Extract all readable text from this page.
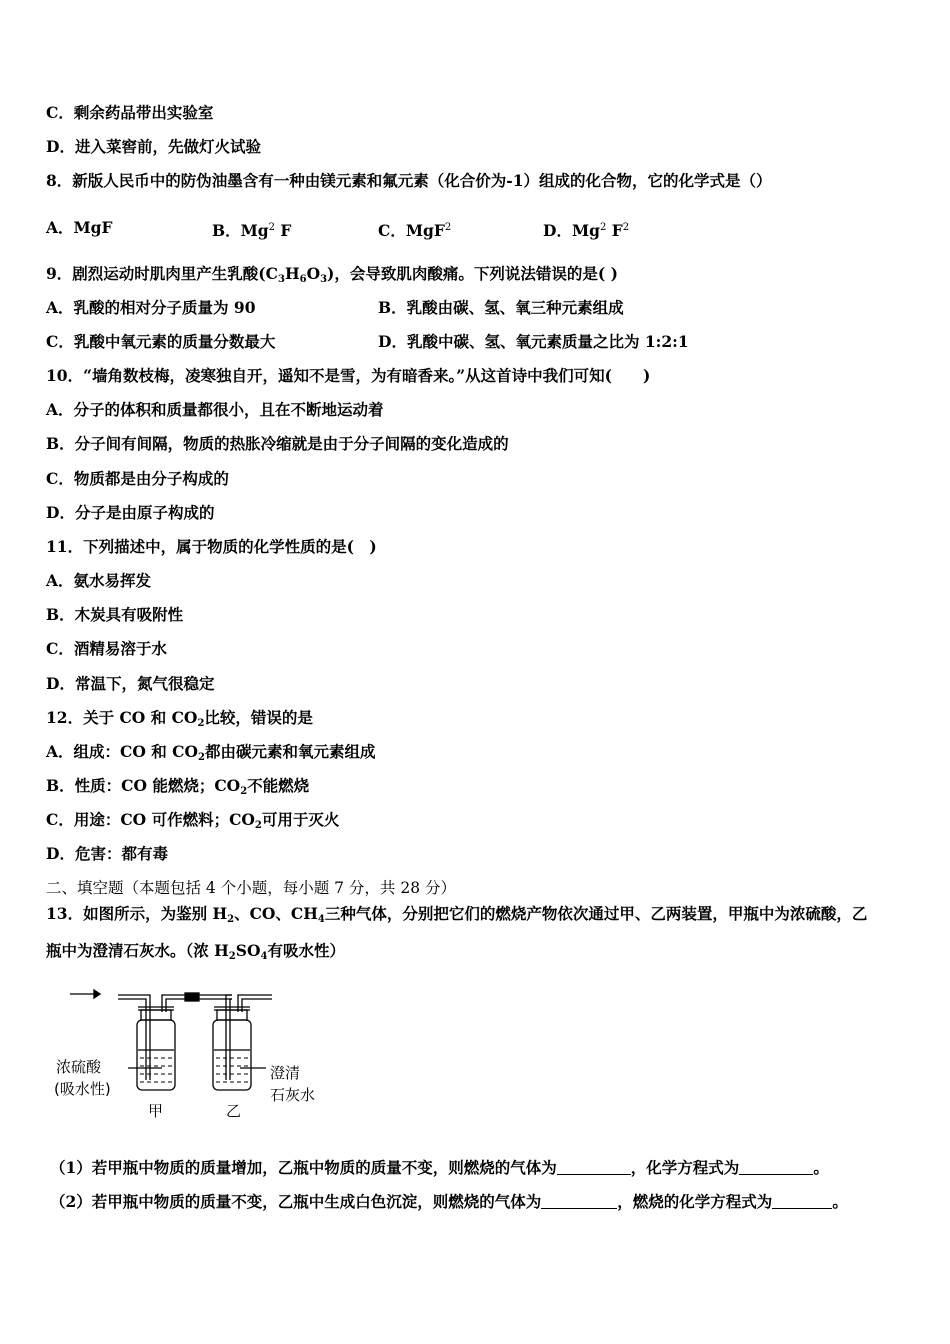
C．剩余药品带出实验室
D．进入菜窖前，先做灯火试验
8．新版人民币中的防伪油墨含有一种由镁元素和氟元素（化合价为-1）组成的化合物，它的化学式是（）
A．MgF	B．Mg$^2$ F	C．MgF$^2$	D．Mg$^2$ $F^2$
9．剧烈运动时肌肉里产生乳酸$(C_3H_6O_3)$，会导致肌肉酸痛。下列说法错误的是( )
A．乳酸的相对分子质量为 90	B．乳酸由碳、氢、氧三种元素组成
C．乳酸中氧元素的质量分数最大	D．乳酸中碳、氢、氧元素质量之比为 1:2:1
10．“墙角数枝梅，凌寒独自开，遥知不是雪，为有暗香来。”从这首诗中我们可知(　　)
A．分子的体积和质量都很小，且在不断地运动着
B．分子间有间隔，物质的热胀冷缩就是由于分子间隔的变化造成的
C．物质都是由分子构成的
D．分子是由原子构成的
11．下列描述中，属于物质的化学性质的是(　)
A．氨水易挥发
B．木炭具有吸附性
C．酒精易溶于水
D．常温下，氮气很稳定
12．关于 CO 和 $CO_2$比较，错误的是
A．组成：CO 和 $CO_2$都由碳元素和氧元素组成
B．性质：CO 能燃烧；$CO_2$不能燃烧
C．用途：CO 可作燃料；$CO_2$可用于灭火
D．危害：都有毒
二、填空题（本题包括 4 个小题，每小题 7 分，共 28 分）
13．如图所示，为鉴别 $H_2$、CO、$CH_4$三种气体，分别把它们的燃烧产物依次通过甲、乙两装置，甲瓶中为浓硫酸，乙
瓶中为澄清石灰水。（浓 $H_2SO_4$有吸水性）
浓硫酸
(吸水性)
甲	乙
澄清
石灰水
（1）若甲瓶中物质的质量增加，乙瓶中物质的质量不变，则燃烧的气体为	，化学方程式为	。
（2）若甲瓶中物质的质量不变，乙瓶中生成白色沉淀，则燃烧的气体为	，燃烧的化学方程式为	。
